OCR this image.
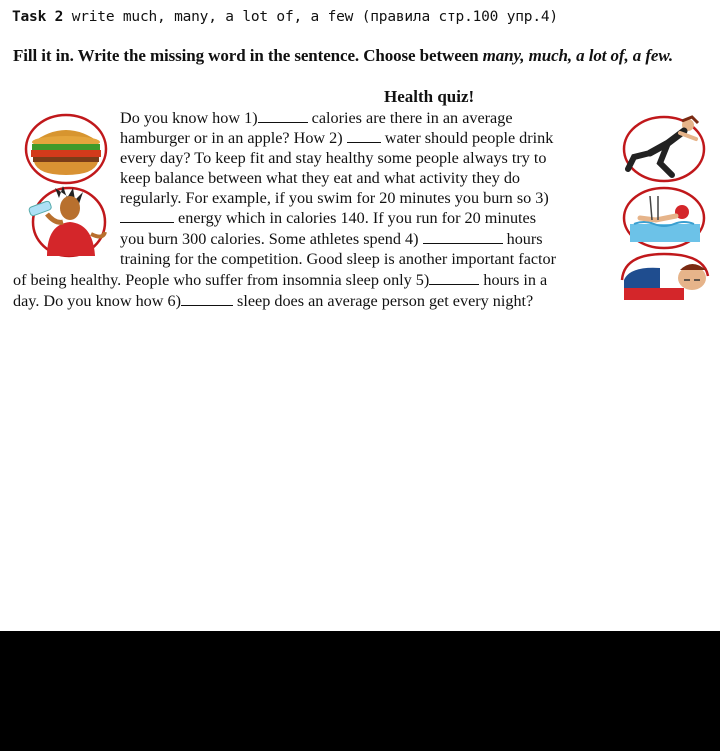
Task 2 write much, many, a lot of, a few (правила стр.100 упр.4)
Fill it in. Write the missing word in the sentence. Choose between many, much, a lot of, a few.
Health quiz!
Do you know how 1)	calories are there in an average
hamburger or in an apple? How 2)  water should people drink
every day? To keep fit and stay healthy some people always try to
keep balance between what they eat and what activity they do
regularly. For example, if you swim for 20 minutes you burn so 3)
energy which in calories 140. If you run for 20 minutes
you burn 300 calories. Some athletes spend 4)	hours
training for the competition. Good sleep is another important factor
of being healthy. People who suffer from insomnia sleep only 5)	hours in a
day. Do you know how 6)	sleep does an average person get every night?
